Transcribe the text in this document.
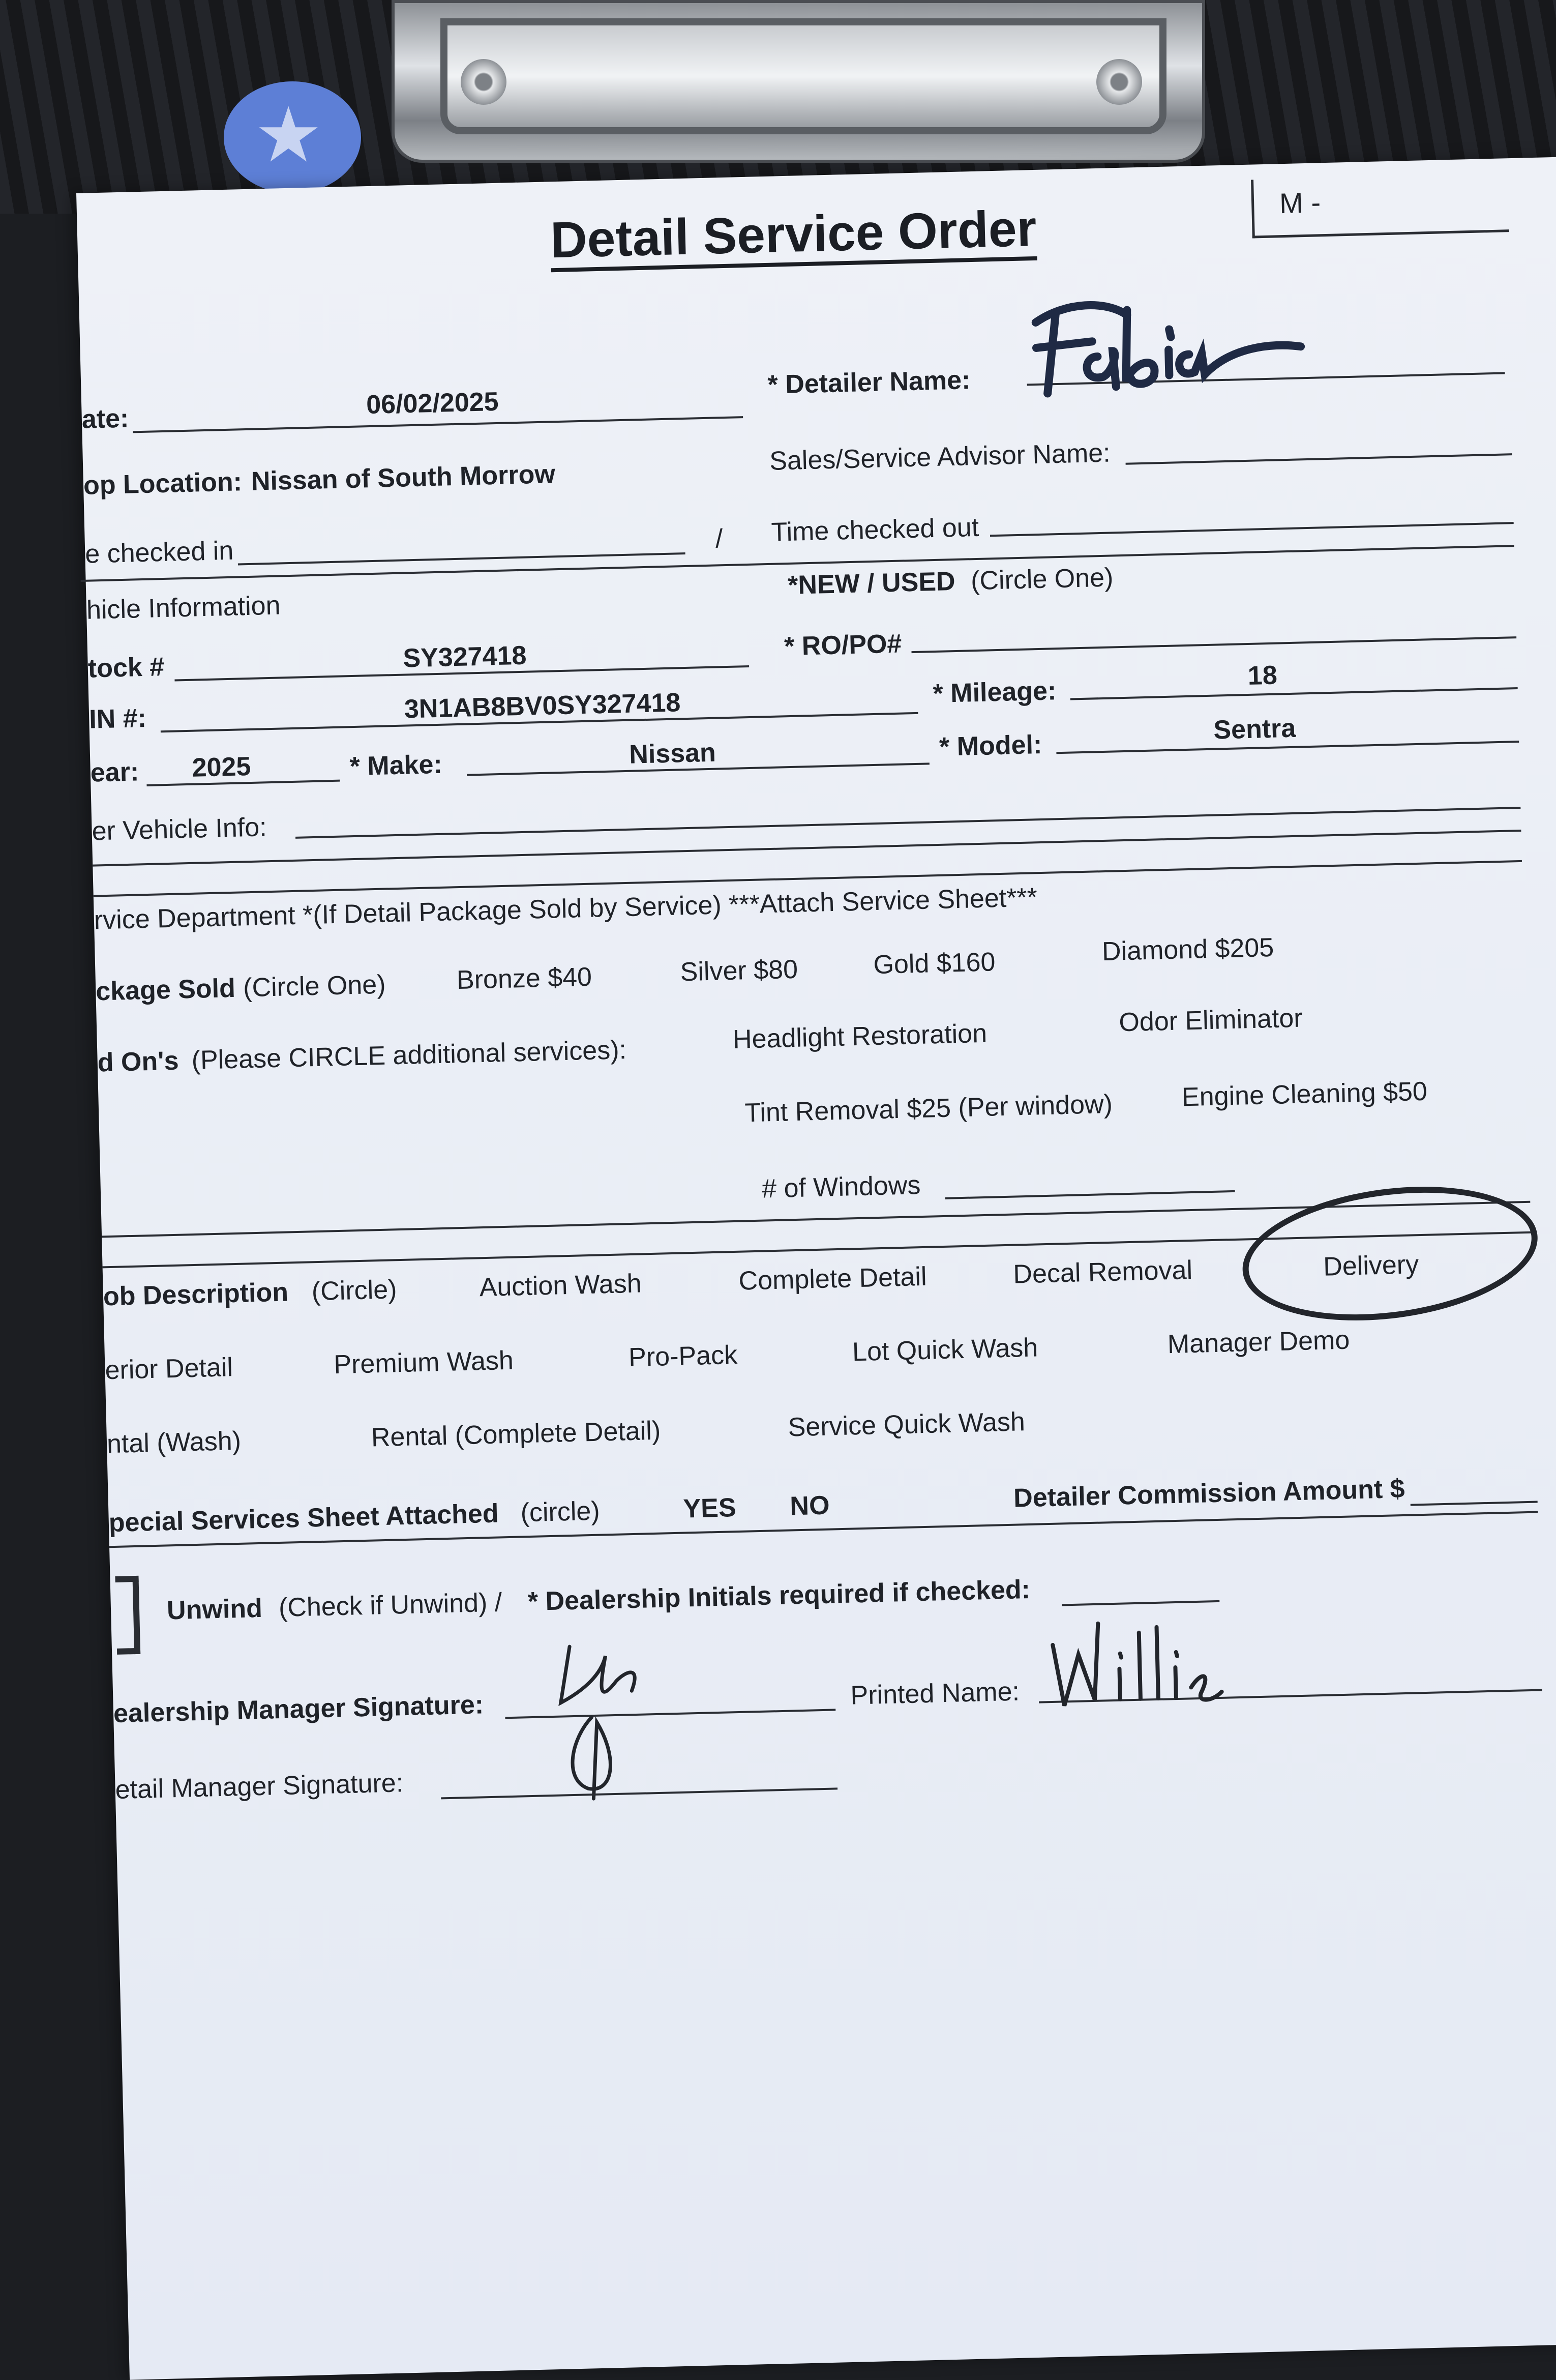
★
Detail Service Order	M -
ate:	06/02/2025
* Detailer Name:
op Location: Nissan of South Morrow
Sales/Service Advisor Name:
e checked in	/ Time checked out
hicle Information
*NEW / USED (Circle One)
tock #	SY327418	* RO/PO#
IN #:	3N1AB8BV0SY327418	* Mileage:
18
ear: 2025	* Make:	Nissan	* Model:
Sentra
er Vehicle Info:
rvice Department *(If Detail Package Sold by Service) ***Attach Service Sheet***
ckage Sold (Circle One)	Bronze $40	Silver $80	Gold $160	Diamond $205
d On's (Please CIRCLE additional services):	Headlight Restoration	Odor Eliminator
Tint Removal $25 (Per window)	Engine Cleaning $50
# of Windows
ob Description (Circle)	Auction Wash	Complete Detail	Decal Removal	Delivery
erior Detail	Premium Wash	Pro-Pack	Lot Quick Wash	Manager Demo
ntal (Wash)	Rental (Complete Detail)	Service Quick Wash
pecial Services Sheet Attached (circle)	YES NO	Detailer Commission Amount $
Unwind (Check if Unwind) / * Dealership Initials required if checked:
ealership Manager Signature:	Printed Name:
etail Manager Signature:
